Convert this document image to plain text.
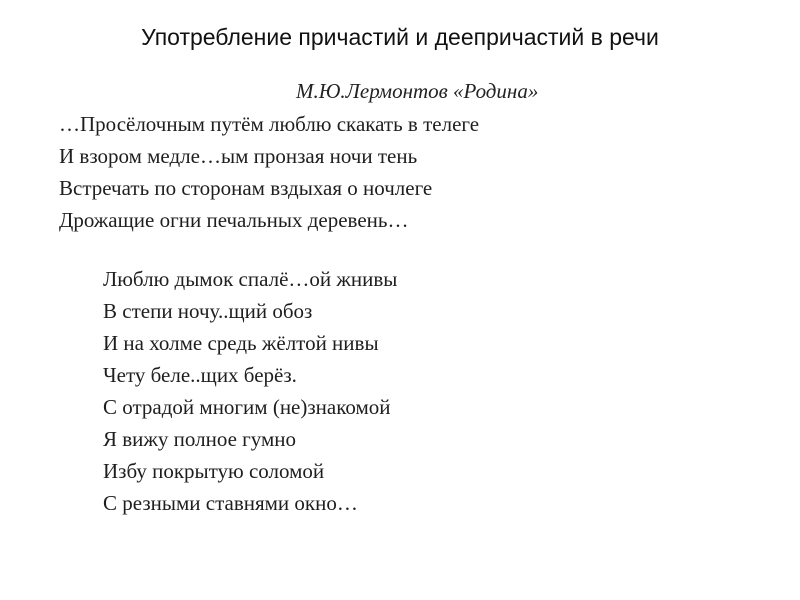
Употребление причастий и деепричастий в речи
М.Ю.Лермонтов «Родина»
…Просёлочным путём люблю скакать в телеге
И взором медле…ым пронзая ночи тень
Встречать по сторонам вздыхая о ночлеге
Дрожащие огни печальных деревень…
Люблю дымок спалё…ой жнивы
В степи ночу..щий обоз
И на холме средь жёлтой нивы
Чету беле..щих берёз.
С отрадой многим (не)знакомой
Я вижу полное гумно
Избу покрытую соломой
С резными ставнями окно…
